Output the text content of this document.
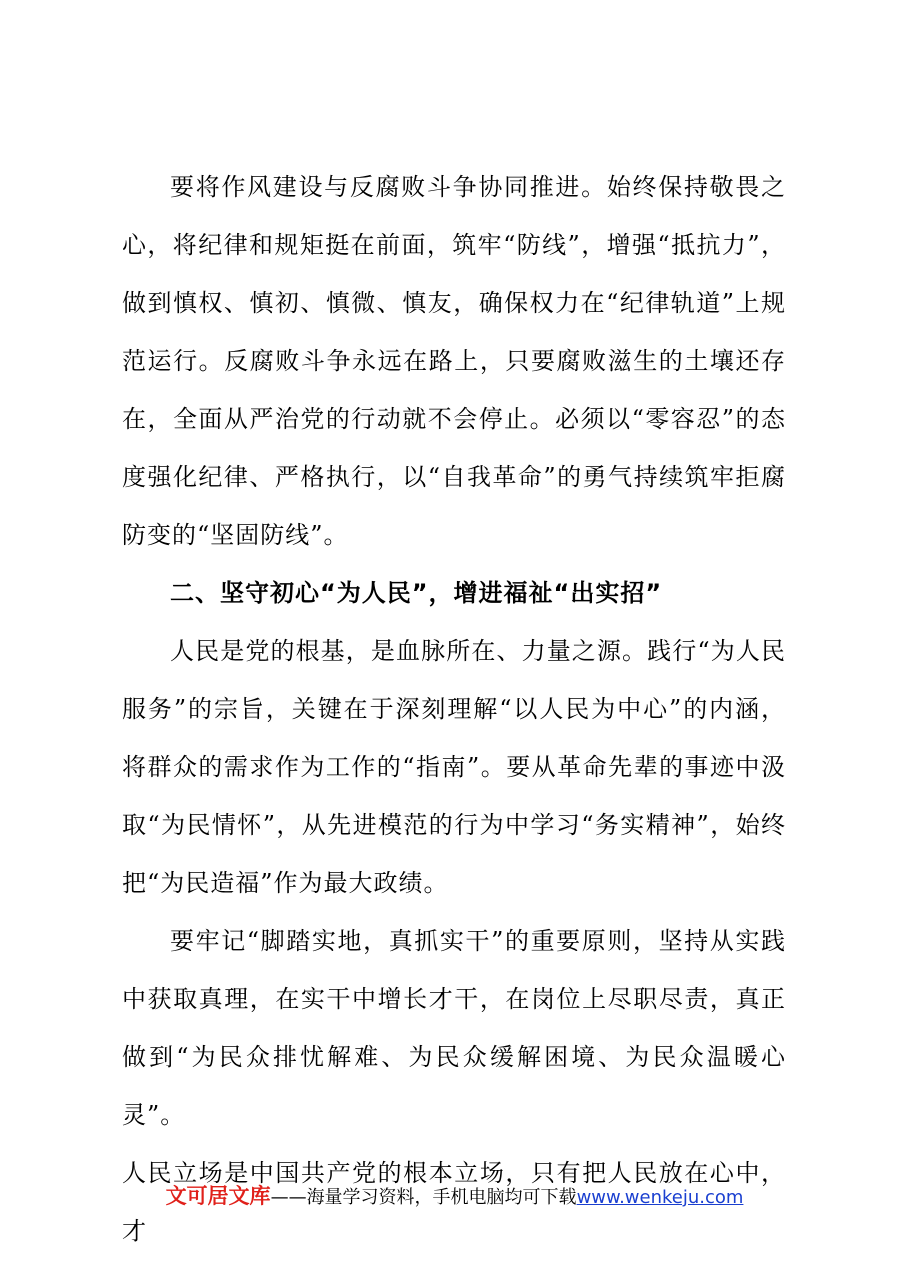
要将作风建设与反腐败斗争协同推进。始终保持敬畏之心，将纪律和规矩挺在前面，筑牢“防线”，增强“抵抗力”，做到慎权、慎初、慎微、慎友，确保权力在“纪律轨道”上规范运行。反腐败斗争永远在路上，只要腐败滋生的土壤还存在，全面从严治党的行动就不会停止。必须以“零容忍”的态度强化纪律、严格执行，以“自我革命”的勇气持续筑牢拒腐防变的“坚固防线”。

二、坚守初心“为人民”，增进福祉“出实招”

人民是党的根基，是血脉所在、力量之源。践行“为人民服务”的宗旨，关键在于深刻理解“以人民为中心”的内涵，将群众的需求作为工作的“指南”。要从革命先辈的事迹中汲取“为民情怀”，从先进模范的行为中学习“务实精神”，始终把“为民造福”作为最大政绩。

要牢记“脚踏实地，真抓实干”的重要原则，坚持从实践中获取真理，在实干中增长才干，在岗位上尽职尽责，真正做到“为民众排忧解难、为民众缓解困境、为民众温暖心灵”。

人民立场是中国共产党的根本立场，只有把人民放在心中，才

文可居文库——海量学习资料，手机电脑均可下载www.wenkeju.com
